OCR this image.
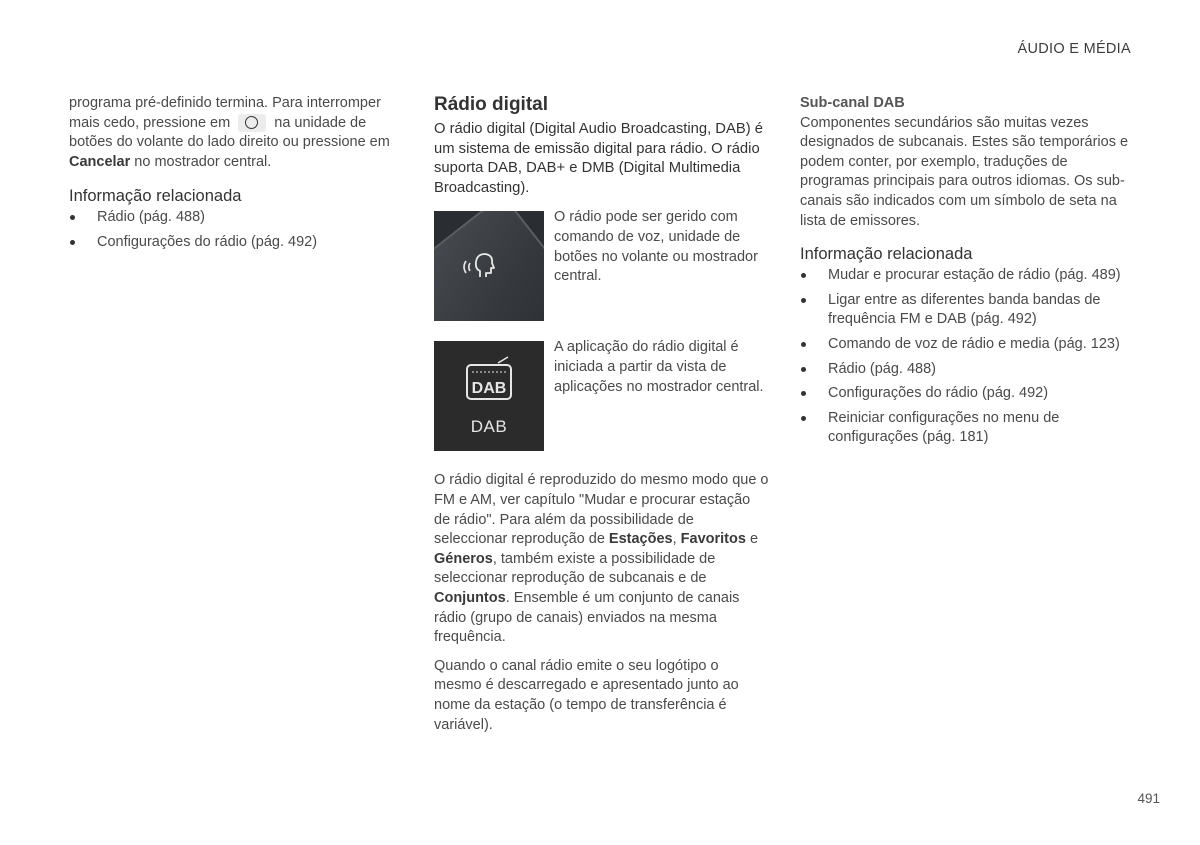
ÁUDIO E MÉDIA

programa pré-definido termina. Para interromper mais cedo, pressione em	na unidade de botões do volante do lado direito ou pressione em Cancelar no mostrador central.

Informação relacionada
Rádio (pág. 488)
Configurações do rádio (pág. 492)
Rádio digital

O rádio digital (Digital Audio Broadcasting, DAB) é um sistema de emissão digital para rádio. O rádio suporta DAB, DAB+ e DMB (Digital Multimedia Broadcasting).

O rádio pode ser gerido com comando de voz, unidade de botões no volante ou mostrador central.
DAB
DAB
A aplicação do rádio digital é iniciada a partir da vista de aplicações no mostrador central.

O rádio digital é reproduzido do mesmo modo que o FM e AM, ver capítulo "Mudar e procurar estação de rádio". Para além da possibilidade de seleccionar reprodução de Estações, Favoritos e Géneros, também existe a possibilidade de seleccionar reprodução de subcanais e de Conjuntos. Ensemble é um conjunto de canais rádio (grupo de canais) enviados na mesma frequência.

Quando o canal rádio emite o seu logótipo o mesmo é descarregado e apresentado junto ao nome da estação (o tempo de transferência é variável).

Sub-canal DAB

Componentes secundários são muitas vezes designados de subcanais. Estes são temporários e podem conter, por exemplo, traduções de programas principais para outros idiomas. Os sub-canais são indicados com um símbolo de seta na lista de emissores.

Informação relacionada
Mudar e procurar estação de rádio (pág. 489)
Ligar entre as diferentes banda bandas de frequência FM e DAB (pág. 492)
Comando de voz de rádio e media (pág. 123)
Rádio (pág. 488)
Configurações do rádio (pág. 492)
Reiniciar configurações no menu de configurações (pág. 181)
491
